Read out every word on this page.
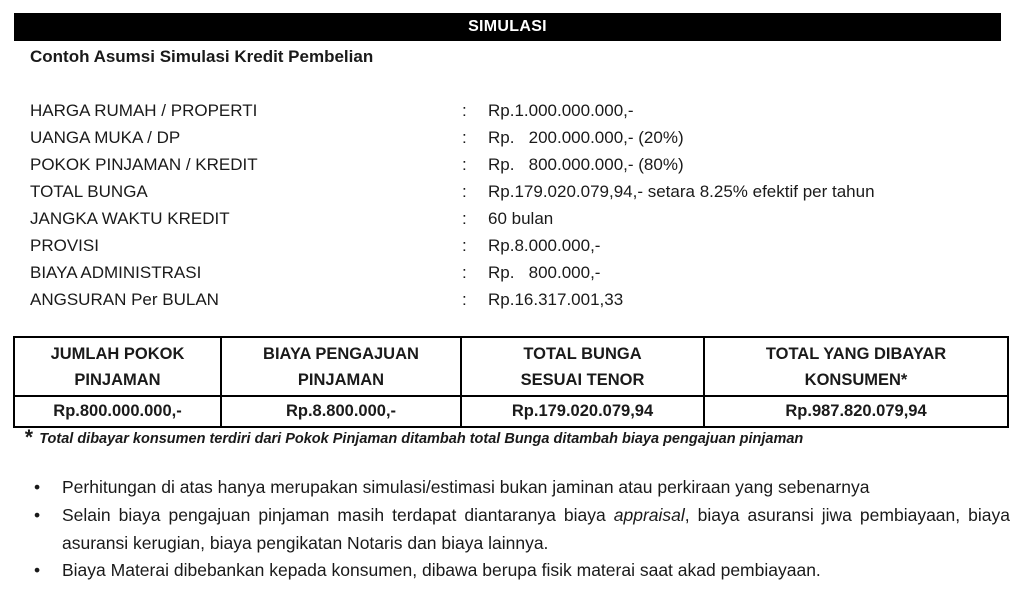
SIMULASI
Contoh Asumsi Simulasi Kredit Pembelian
HARGA RUMAH / PROPERTI	:	Rp.1.000.000.000,-
UANGA MUKA / DP	:	Rp.   200.000.000,- (20%)
POKOK PINJAMAN / KREDIT	:	Rp.   800.000.000,- (80%)
TOTAL BUNGA	:	Rp.179.020.079,94,- setara 8.25% efektif per tahun
JANGKA WAKTU KREDIT	:	60 bulan
PROVISI	:	Rp.8.000.000,-
BIAYA ADMINISTRASI	:	Rp.   800.000,-
ANGSURAN Per BULAN	:	Rp.16.317.001,33
JUMLAH POKOK PINJAMAN	BIAYA PENGAJUAN PINJAMAN	TOTAL BUNGA SESUAI TENOR	TOTAL YANG DIBAYAR KONSUMEN*
Rp.800.000.000,-	Rp.8.800.000,-	Rp.179.020.079,94	Rp.987.820.079,94
* Total dibayar konsumen terdiri dari Pokok Pinjaman ditambah total Bunga ditambah biaya pengajuan pinjaman
•	Perhitungan di atas hanya merupakan simulasi/estimasi bukan jaminan atau perkiraan yang sebenarnya
•	Selain biaya pengajuan pinjaman masih terdapat diantaranya biaya appraisal, biaya asuransi jiwa pembiayaan, biaya asuransi kerugian, biaya pengikatan Notaris dan biaya lainnya.
•	Biaya Materai dibebankan kepada konsumen, dibawa berupa fisik materai saat akad pembiayaan.
